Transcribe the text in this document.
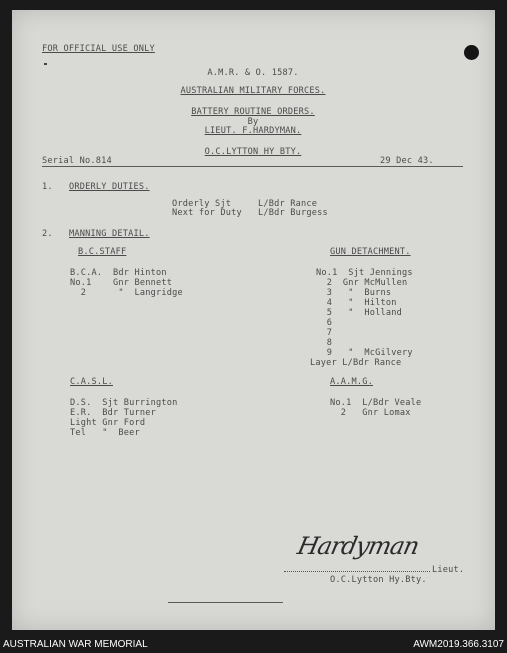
FOR OFFICIAL USE ONLY
A.M.R. & O. 1587.
AUSTRALIAN MILITARY FORCES.
BATTERY ROUTINE ORDERS.
By
LIEUT. F.HARDYMAN.
O.C.LYTTON HY BTY.
Serial No.814	29 Dec 43.
1. ORDERLY DUTIES.
Orderly Sjt     L/Bdr Rance
Next for Duty   L/Bdr Burgess
2. MANNING DETAIL.
B.C.STAFF
B.C.A.  Bdr Hinton
No.1    Gnr Bennett
2      "  Langridge
GUN DETACHMENT.
No.1  Sjt Jennings
2  Gnr McMullen
3   "  Burns
4   "  Hilton
5   "  Holland
6
7
8
9   "  McGilvery
Layer L/Bdr Rance
C.A.S.L.
D.S.  Sjt Burrington
E.R.  Bdr Turner
Light Gnr Ford
Tel   "  Beer
A.A.M.G.
No.1  L/Bdr Veale
2   Gnr Lomax
Hardyman
Lieut.
O.C.Lytton Hy.Bty.
AUSTRALIAN WAR MEMORIAL	AWM2019.366.3107
